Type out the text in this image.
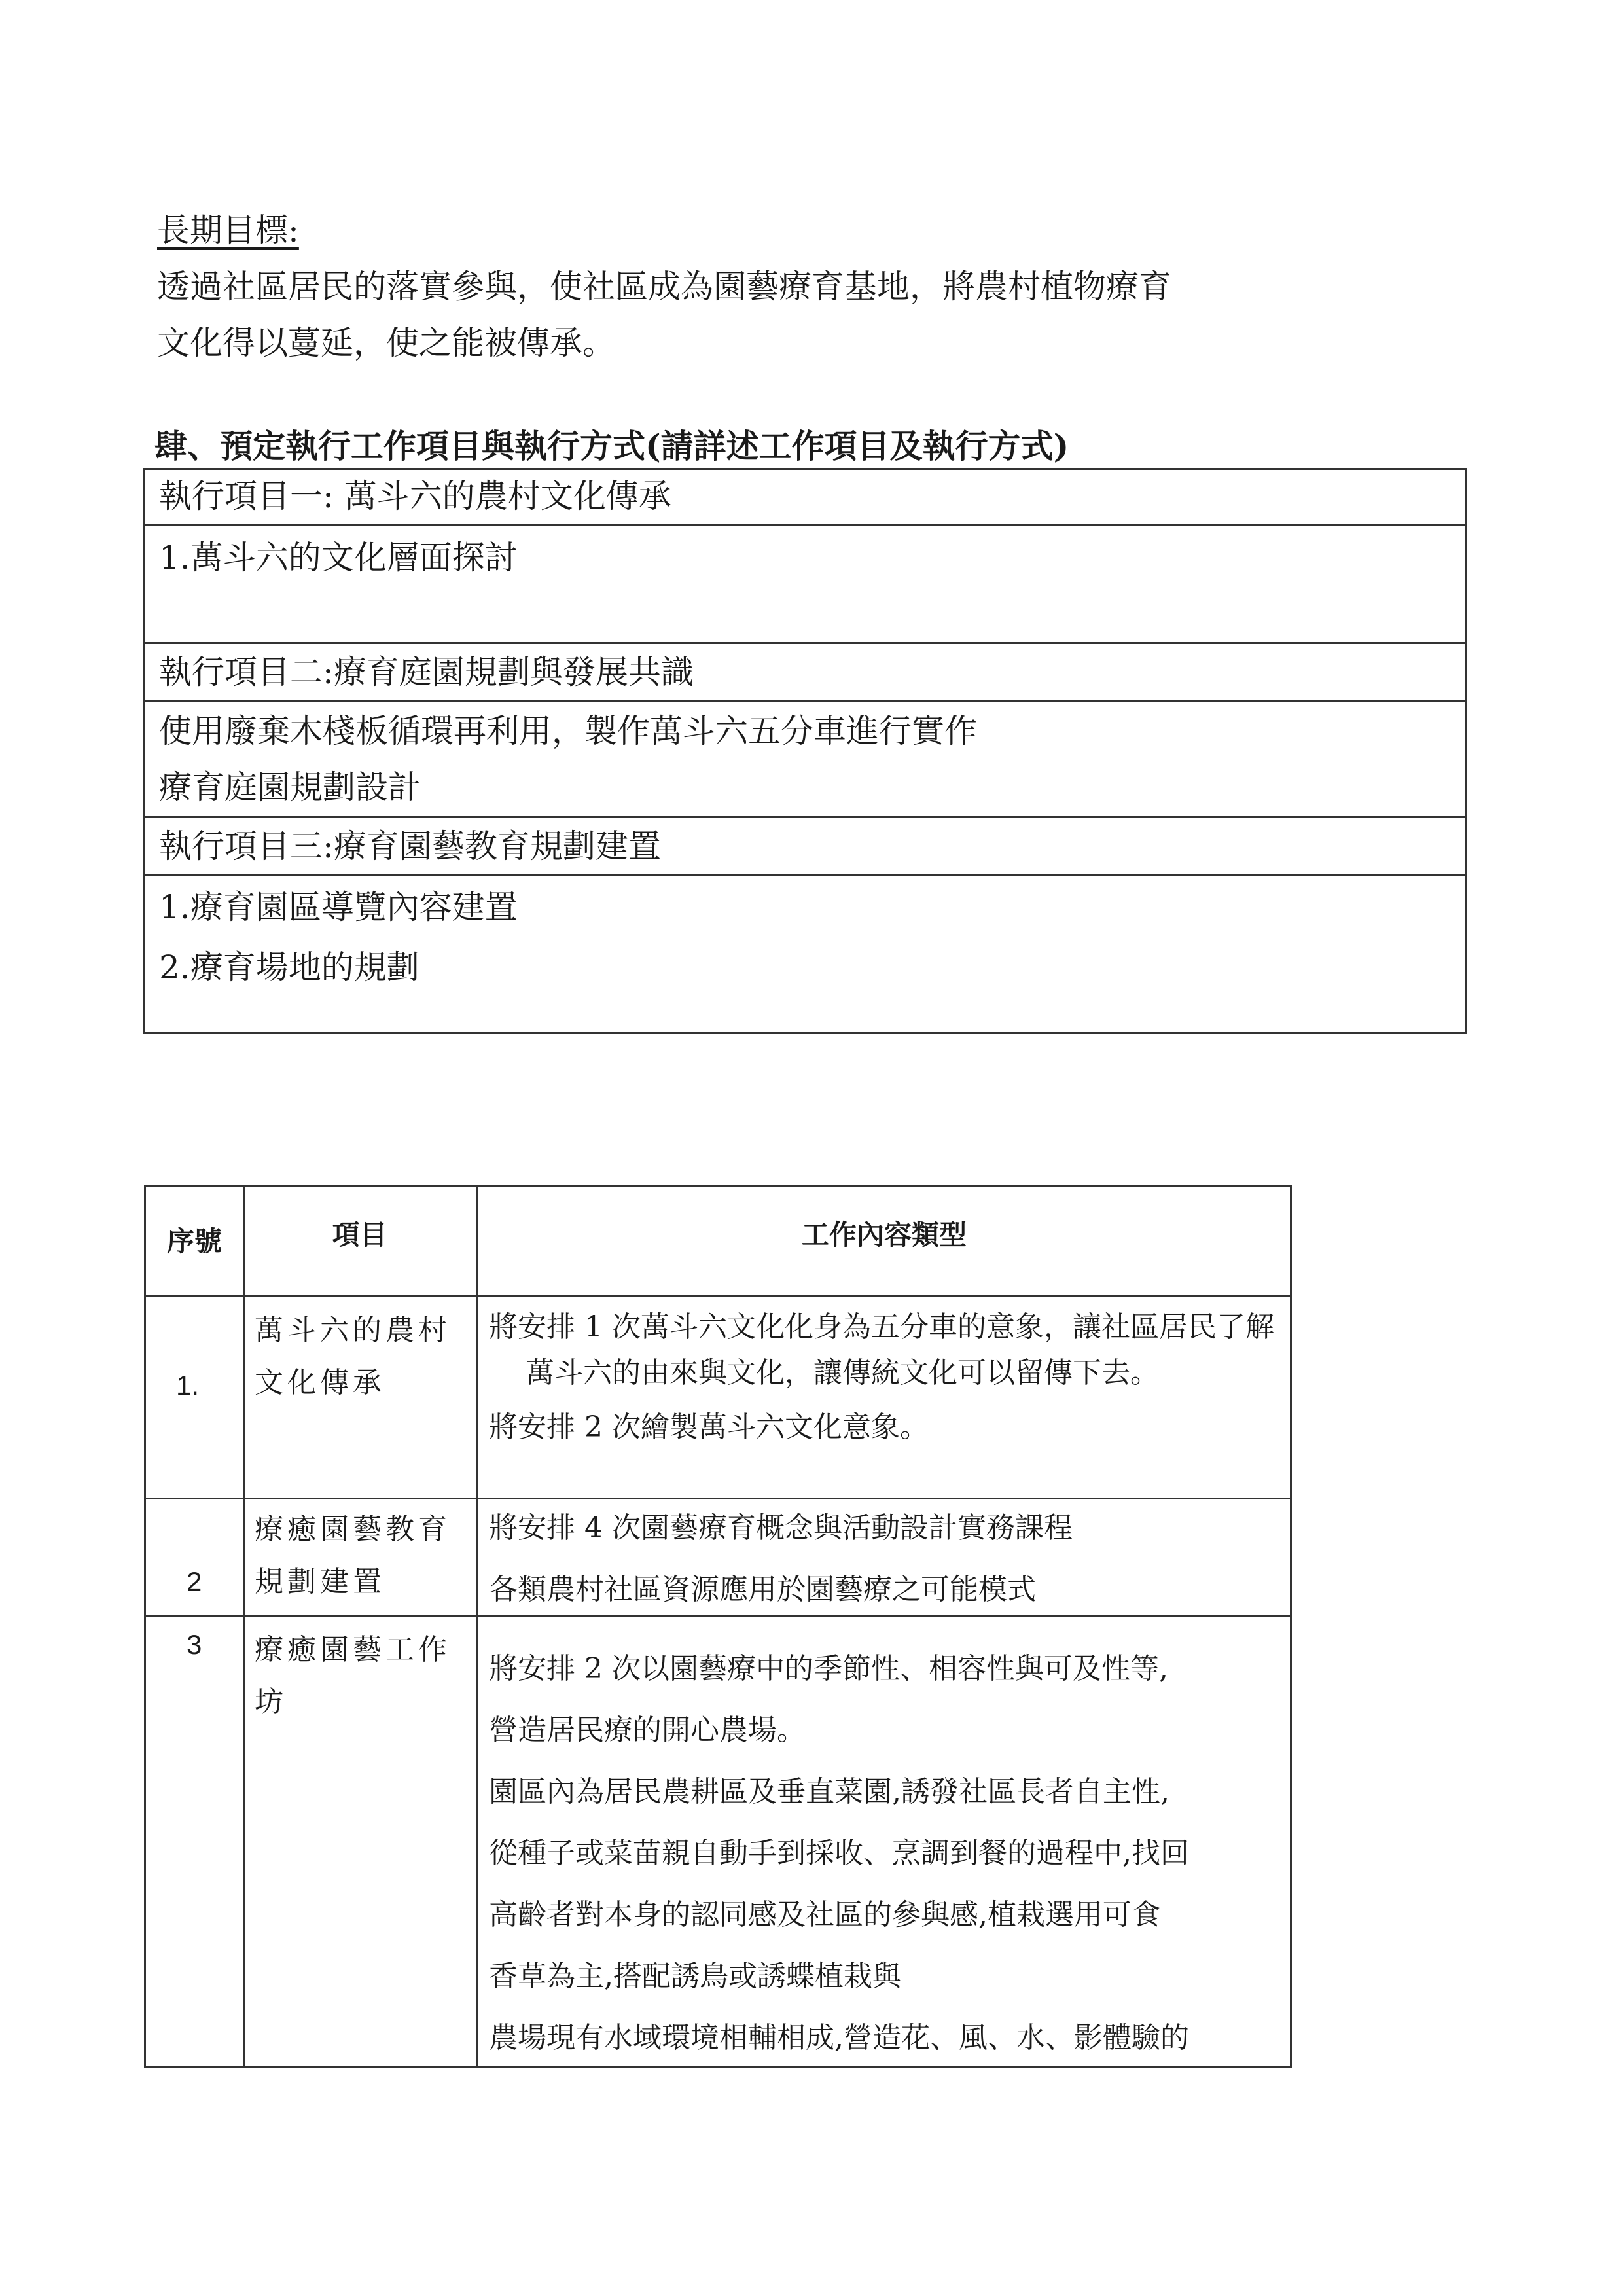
長期目標:
透過社區居民的落實參與，使社區成為園藝療育基地，將農村植物療育
文化得以蔓延，使之能被傳承。
肆、預定執行工作項目與執行方式(請詳述工作項目及執行方式)
執行項目一: 萬斗六的農村文化傳承
1.萬斗六的文化層面探討
執行項目二:療育庭園規劃與發展共識
使用廢棄木棧板循環再利用，製作萬斗六五分車進行實作
療育庭園規劃設計
執行項目三:療育園藝教育規劃建置
1.療育園區導覽內容建置
2.療育場地的規劃
序號	項目	工作內容類型
1.
萬斗六的農村文化傳承
將安排 1 次萬斗六文化化身為五分車的意象，讓社區居民了解萬斗六的由來與文化，讓傳統文化可以留傳下去。
將安排 2 次繪製萬斗六文化意象。
2
療癒園藝教育規劃建置
將安排 4 次園藝療育概念與活動設計實務課程
各類農村社區資源應用於園藝療之可能模式
3 療癒園藝工作坊
將安排 2 次以園藝療中的季節性、相容性與可及性等,
營造居民療的開心農場。
園區內為居民農耕區及垂直菜園,誘發社區長者自主性,
從種子或菜苗親自動手到採收、烹調到餐的過程中,找回
高齡者對本身的認同感及社區的參與感,植栽選用可食
香草為主,搭配誘鳥或誘蝶植栽與
農場現有水域環境相輔相成,營造花、風、水、影體驗的
